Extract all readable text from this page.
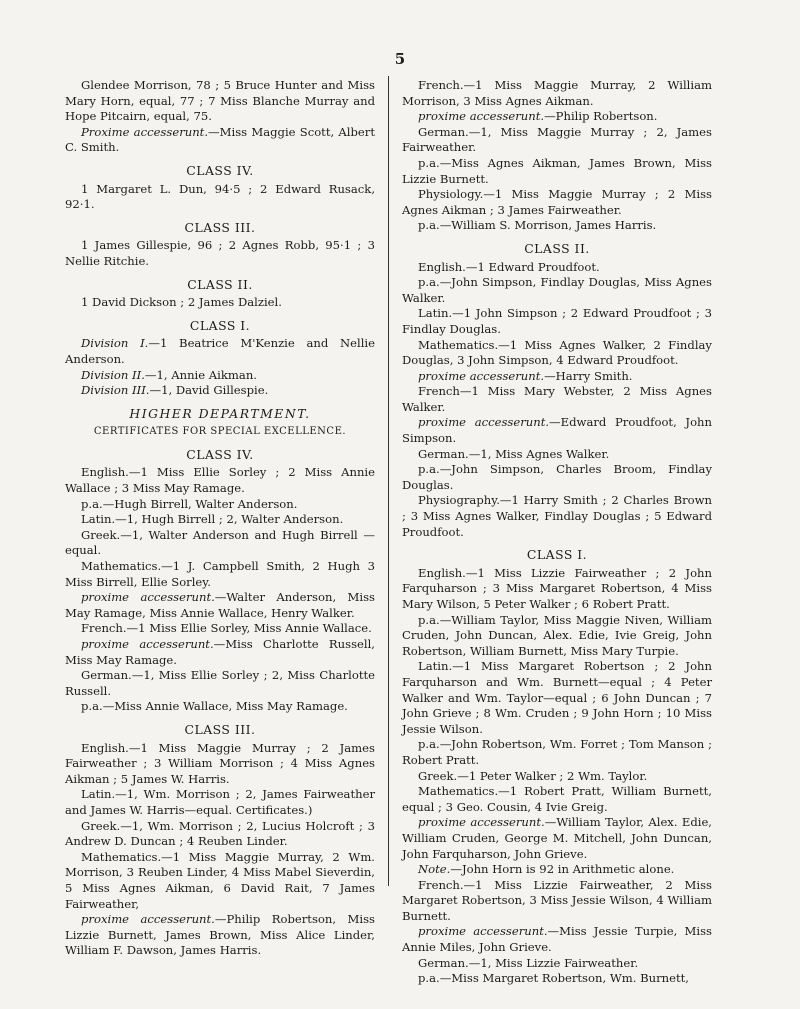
5

Glendee Morrison, 78 ; 5 Bruce Hunter and Miss Mary Horn, equal, 77 ; 7 Miss Blanche Murray and Hope Pitcairn, equal, 75.

Proxime accesserunt.—Miss Maggie Scott, Albert C. Smith.

CLASS IV.

1 Margaret L. Dun, 94·5 ; 2 Edward Rusack, 92·1.

CLASS III.

1 James Gillespie, 96 ; 2 Agnes Robb, 95·1 ; 3 Nellie Ritchie.

CLASS II.

1 David Dickson ; 2 James Dalziel.

CLASS I.

Division I.—1 Beatrice M'Kenzie and Nellie Anderson.

Division II.—1, Annie Aikman.

Division III.—1, David Gillespie.

HIGHER DEPARTMENT.

CERTIFICATES FOR SPECIAL EXCELLENCE.

CLASS IV.

English.—1 Miss Ellie Sorley ; 2 Miss Annie Wallace ; 3 Miss May Ramage.

p.a.—Hugh Birrell, Walter Anderson.

Latin.—1, Hugh Birrell ; 2, Walter Anderson.

Greek.—1, Walter Anderson and Hugh Birrell —equal.

Mathematics.—1 J. Campbell Smith, 2 Hugh 3 Miss Birrell, Ellie Sorley.

proxime accesserunt.—Walter Anderson, Miss May Ramage, Miss Annie Wallace, Henry Walker.

French.—1 Miss Ellie Sorley, Miss Annie Wallace.

proxime accesserunt.—Miss Charlotte Russell, Miss May Ramage.

German.—1, Miss Ellie Sorley ; 2, Miss Charlotte Russell.

p.a.—Miss Annie Wallace, Miss May Ramage.

CLASS III.

English.—1 Miss Maggie Murray ; 2 James Fairweather ; 3 William Morrison ; 4 Miss Agnes Aikman ; 5 James W. Harris.

Latin.—1, Wm. Morrison ; 2, James Fairweather and James W. Harris—equal. Certificates.)

Greek.—1, Wm. Morrison ; 2, Lucius Holcroft ; 3 Andrew D. Duncan ; 4 Reuben Linder.

Mathematics.—1 Miss Maggie Murray, 2 Wm. Morrison, 3 Reuben Linder, 4 Miss Mabel Sieverdin, 5 Miss Agnes Aikman, 6 David Rait, 7 James Fairweather,

proxime accesserunt.—Philip Robertson, Miss Lizzie Burnett, James Brown, Miss Alice Linder, William F. Dawson, James Harris.

French.—1 Miss Maggie Murray, 2 William Morrison, 3 Miss Agnes Aikman.

proxime accesserunt.—Philip Robertson.

German.—1, Miss Maggie Murray ; 2, James Fairweather.

p.a.—Miss Agnes Aikman, James Brown, Miss Lizzie Burnett.

Physiology.—1 Miss Maggie Murray ; 2 Miss Agnes Aikman ; 3 James Fairweather.

p.a.—William S. Morrison, James Harris.

CLASS II.

English.—1 Edward Proudfoot.

p.a.—John Simpson, Findlay Douglas, Miss Agnes Walker.

Latin.—1 John Simpson ; 2 Edward Proudfoot ; 3 Findlay Douglas.

Mathematics.—1 Miss Agnes Walker, 2 Findlay Douglas, 3 John Simpson, 4 Edward Proudfoot.

proxime accesserunt.—Harry Smith.

French—1 Miss Mary Webster, 2 Miss Agnes Walker.

proxime accesserunt.—Edward Proudfoot, John Simpson.

German.—1, Miss Agnes Walker.

p.a.—John Simpson, Charles Broom, Findlay Douglas.

Physiography.—1 Harry Smith ; 2 Charles Brown ; 3 Miss Agnes Walker, Findlay Douglas ; 5 Edward Proudfoot.

CLASS I.

English.—1 Miss Lizzie Fairweather ; 2 John Farquharson ; 3 Miss Margaret Robertson, 4 Miss Mary Wilson, 5 Peter Walker ; 6 Robert Pratt.

p.a.—William Taylor, Miss Maggie Niven, William Cruden, John Duncan, Alex. Edie, Ivie Greig, John Robertson, William Burnett, Miss Mary Turpie.

Latin.—1 Miss Margaret Robertson ; 2 John Farquharson and Wm. Burnett—equal ; 4 Peter Walker and Wm. Taylor—equal ; 6 John Duncan ; 7 John Grieve ; 8 Wm. Cruden ; 9 John Horn ; 10 Miss Jessie Wilson.

p.a.—John Robertson, Wm. Forret ; Tom Manson ; Robert Pratt.

Greek.—1 Peter Walker ; 2 Wm. Taylor.

Mathematics.—1 Robert Pratt, William Burnett, equal ; 3 Geo. Cousin, 4 Ivie Greig.

proxime accesserunt.—William Taylor, Alex. Edie, William Cruden, George M. Mitchell, John Duncan, John Farquharson, John Grieve.

Note.—John Horn is 92 in Arithmetic alone.

French.—1 Miss Lizzie Fairweather, 2 Miss Margaret Robertson, 3 Miss Jessie Wilson, 4 William Burnett.

proxime accesserunt.—Miss Jessie Turpie, Miss Annie Miles, John Grieve.

German.—1, Miss Lizzie Fairweather.

p.a.—Miss Margaret Robertson, Wm. Burnett,
